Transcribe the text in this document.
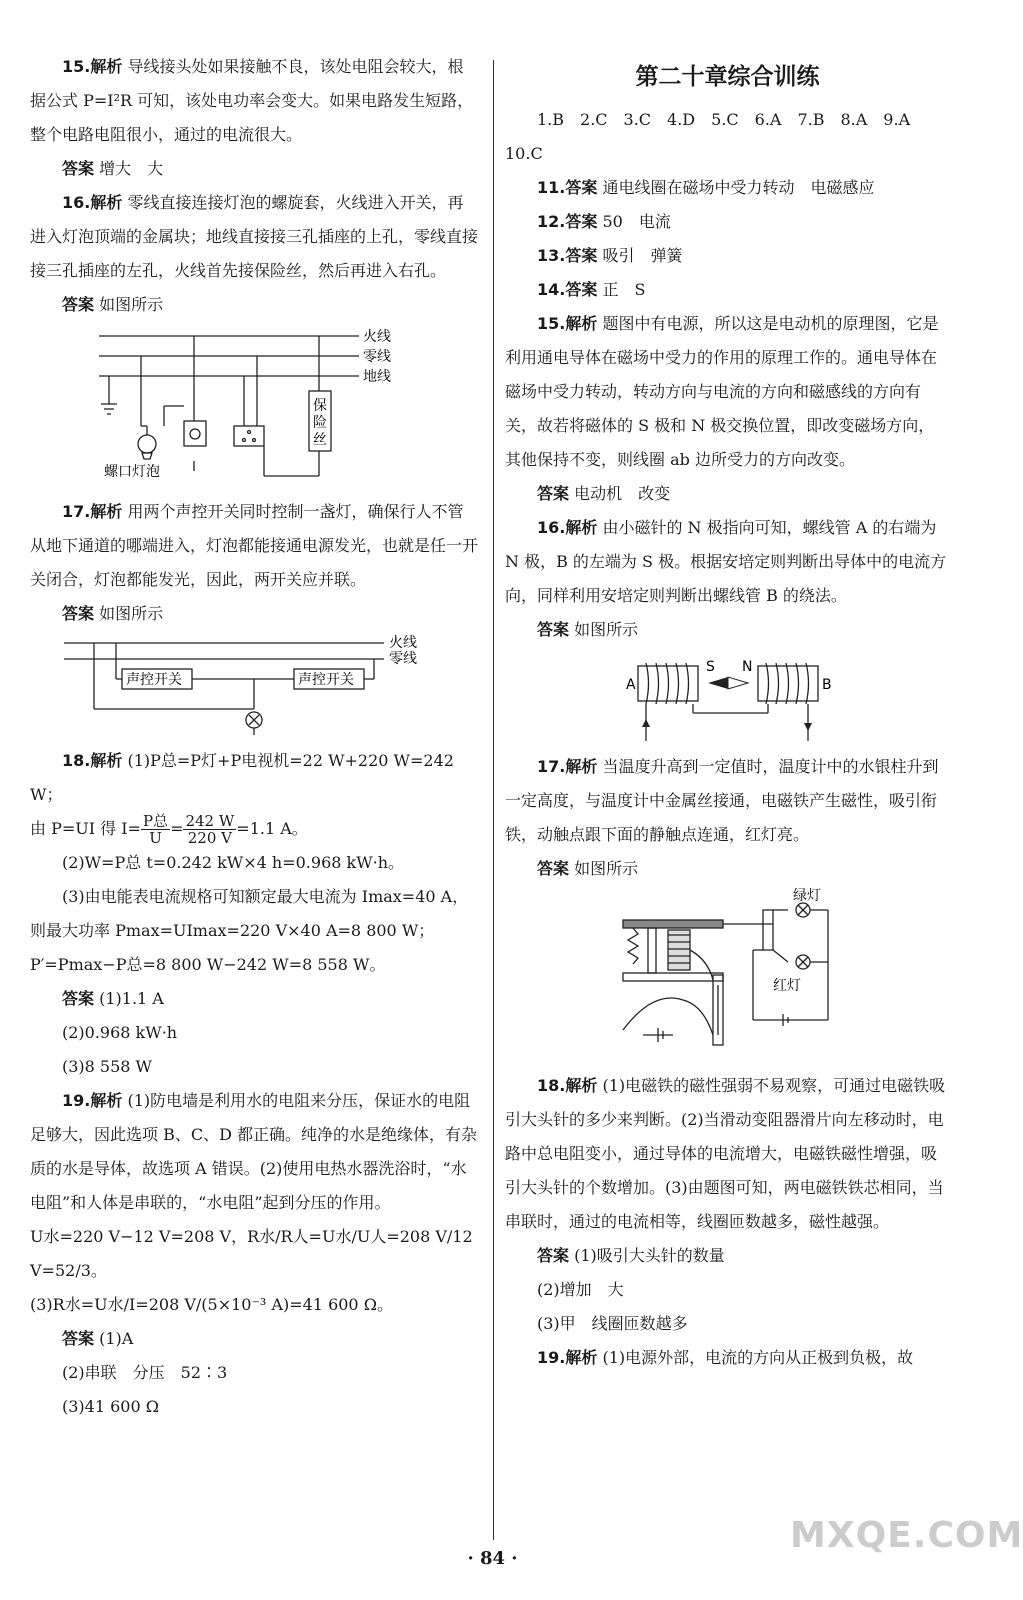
15.解析 导线接头处如果接触不良，该处电阻会较大，根据公式 P=I²R 可知，该处电功率会变大。如果电路发生短路，整个电路电阻很小，通过的电流很大。

答案 增大　大

16.解析 零线直接连接灯泡的螺旋套，火线进入开关，再进入灯泡顶端的金属块；地线直接接三孔插座的上孔，零线直接接三孔插座的左孔，火线首先接保险丝，然后再进入右孔。

答案 如图所示

火线
零线
地线
保
险
丝
螺口灯泡

17.解析 用两个声控开关同时控制一盏灯，确保行人不管从地下通道的哪端进入，灯泡都能接通电源发光，也就是任一开关闭合，灯泡都能发光，因此，两开关应并联。

答案 如图所示

火线
零线
声控开关	声控开关

18.解析 (1)P总=P灯+P电视机=22 W+220 W=242 W；

由 P=UI 得 $I= \frac{\text{P总}}{U} = \frac{242 W}{220 V} =1.1$ A。

(2)W=P总 t=0.242 kW×4 h=0.968 kW·h。

(3)由电能表电流规格可知额定最大电流为 Imax=40 A，则最大功率 Pmax=UImax=220 V×40 A=8 800 W；

P′=Pmax−P总=8 800 W−242 W=8 558 W。

答案 (1)1.1 A

(2)0.968 kW·h

(3)8 558 W

19.解析 (1)防电墙是利用水的电阻来分压，保证水的电阻足够大，因此选项 B、C、D 都正确。纯净的水是绝缘体，有杂质的水是导体，故选项 A 错误。(2)使用电热水器洗浴时，“水电阻”和人体是串联的，“水电阻”起到分压的作用。

U水=220 V−12 V=208 V，R水/R人=U水/U人=208 V/12 V=52/3。

(3)R水=U水/I=208 V/(5×10⁻³ A)=41 600 Ω。

答案 (1)A

(2)串联　分压　52∶3

(3)41 600 Ω

第二十章综合训练

1.B　2.C　3.C　4.D　5.C　6.A　7.B　8.A　9.A

10.C

11.答案 通电线圈在磁场中受力转动　电磁感应

12.答案 50　电流

13.答案 吸引　弹簧

14.答案 正　S

15.解析 题图中有电源，所以这是电动机的原理图，它是利用通电导体在磁场中受力的作用的原理工作的。通电导体在磁场中受力转动，转动方向与电流的方向和磁感线的方向有关，故若将磁体的 S 极和 N 极交换位置，即改变磁场方向，其他保持不变，则线圈 ab 边所受力的方向改变。

答案 电动机　改变

16.解析 由小磁针的 N 极指向可知，螺线管 A 的右端为 N 极，B 的左端为 S 极。根据安培定则判断出导体中的电流方向，同样利用安培定则判断出螺线管 B 的绕法。

答案 如图所示

A	B
S N

17.解析 当温度升高到一定值时，温度计中的水银柱升到一定高度，与温度计中金属丝接通，电磁铁产生磁性，吸引衔铁，动触点跟下面的静触点连通，红灯亮。

答案 如图所示

绿灯
红灯

18.解析 (1)电磁铁的磁性强弱不易观察，可通过电磁铁吸引大头针的多少来判断。(2)当滑动变阻器滑片向左移动时，电路中总电阻变小，通过导体的电流增大，电磁铁磁性增强，吸引大头针的个数增加。(3)由题图可知，两电磁铁铁芯相同，当串联时，通过的电流相等，线圈匝数越多，磁性越强。

答案 (1)吸引大头针的数量

(2)增加　大

(3)甲　线圈匝数越多

19.解析 (1)电源外部，电流的方向从正极到负极，故

· 84 ·
MXQE.COM
